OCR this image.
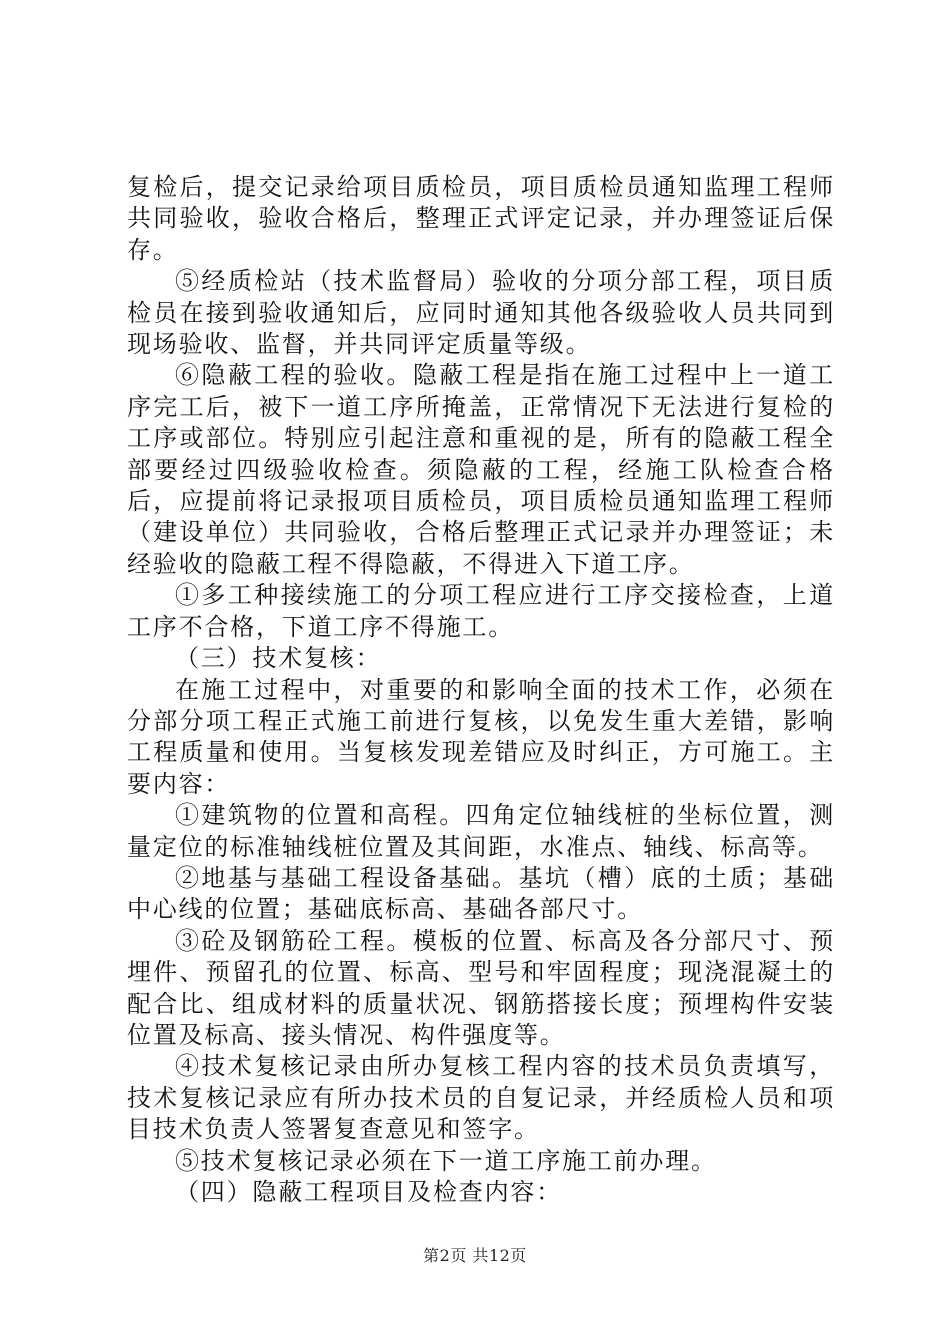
复检后，提交记录给项目质检员，项目质检员通知监理工程师共同验收，验收合格后，整理正式评定记录，并办理签证后保存。

⑤经质检站（技术监督局）验收的分项分部工程，项目质检员在接到验收通知后，应同时通知其他各级验收人员共同到现场验收、监督，并共同评定质量等级。

⑥隐蔽工程的验收。隐蔽工程是指在施工过程中上一道工序完工后，被下一道工序所掩盖，正常情况下无法进行复检的工序或部位。特别应引起注意和重视的是，所有的隐蔽工程全部要经过四级验收检查。须隐蔽的工程，经施工队检查合格后，应提前将记录报项目质检员，项目质检员通知监理工程师（建设单位）共同验收，合格后整理正式记录并办理签证；未经验收的隐蔽工程不得隐蔽，不得进入下道工序。

①多工种接续施工的分项工程应进行工序交接检查，上道工序不合格，下道工序不得施工。

（三）技术复核：

在施工过程中，对重要的和影响全面的技术工作，必须在分部分项工程正式施工前进行复核，以免发生重大差错，影响工程质量和使用。当复核发现差错应及时纠正，方可施工。主要内容：

①建筑物的位置和高程。四角定位轴线桩的坐标位置，测量定位的标准轴线桩位置及其间距，水准点、轴线、标高等。

②地基与基础工程设备基础。基坑（槽）底的土质；基础中心线的位置；基础底标高、基础各部尺寸。

③砼及钢筋砼工程。模板的位置、标高及各分部尺寸、预埋件、预留孔的位置、标高、型号和牢固程度；现浇混凝土的配合比、组成材料的质量状况、钢筋搭接长度；预埋构件安装位置及标高、接头情况、构件强度等。

④技术复核记录由所办复核工程内容的技术员负责填写，技术复核记录应有所办技术员的自复记录，并经质检人员和项目技术负责人签署复查意见和签字。

⑤技术复核记录必须在下一道工序施工前办理。

（四）隐蔽工程项目及检查内容：

第2页 共12页
